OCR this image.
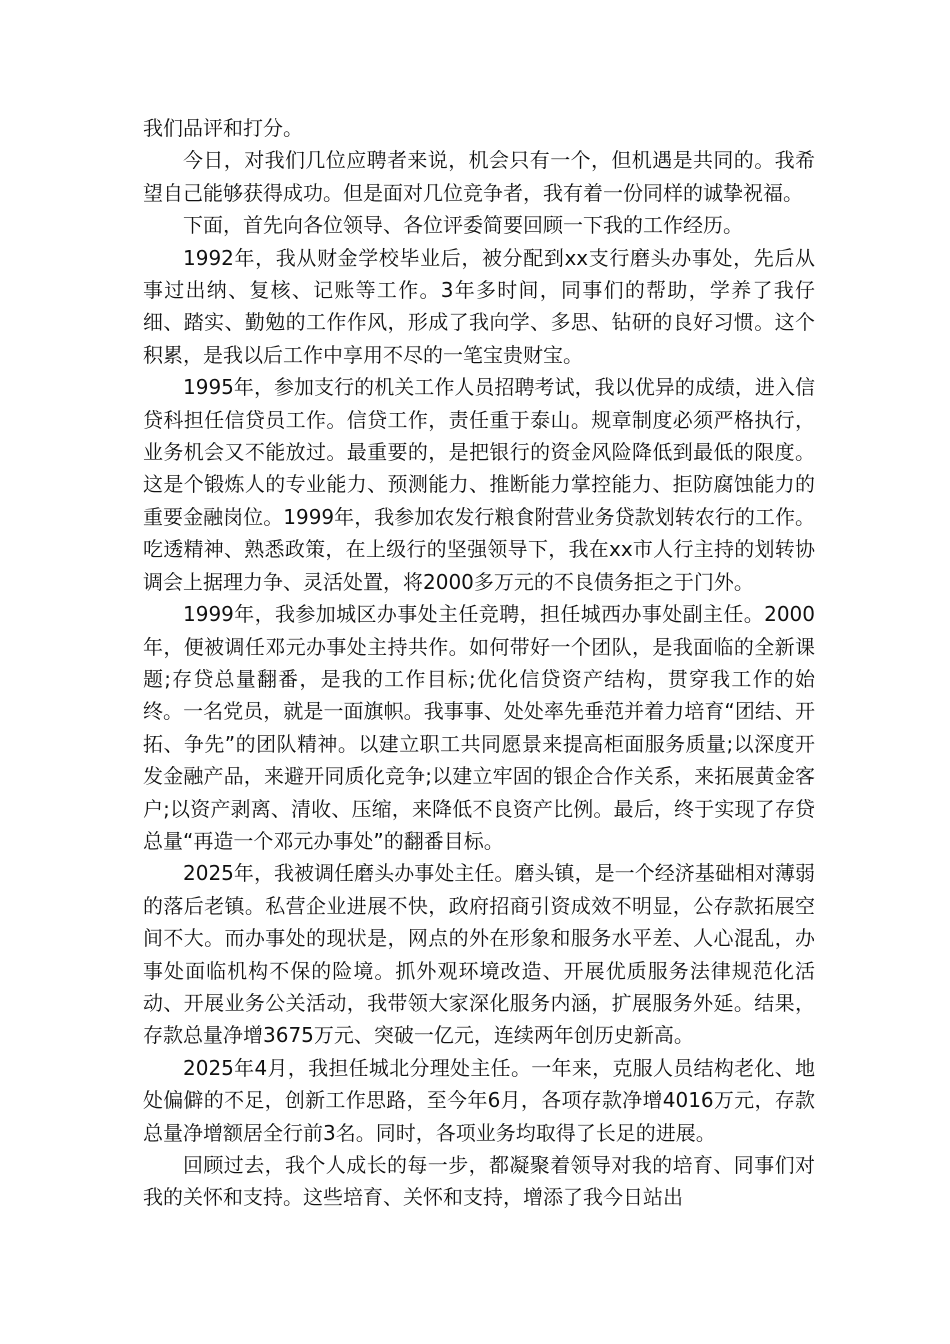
我们品评和打分。

今日，对我们几位应聘者来说，机会只有一个，但机遇是共同的。我希望自己能够获得成功。但是面对几位竞争者，我有着一份同样的诚挚祝福。

下面，首先向各位领导、各位评委简要回顾一下我的工作经历。

1992年，我从财金学校毕业后，被分配到xx支行磨头办事处，先后从事过出纳、复核、记账等工作。3年多时间，同事们的帮助，学养了我仔细、踏实、勤勉的工作作风，形成了我向学、多思、钻研的良好习惯。这个积累，是我以后工作中享用不尽的一笔宝贵财宝。

1995年，参加支行的机关工作人员招聘考试，我以优异的成绩，进入信贷科担任信贷员工作。信贷工作，责任重于泰山。规章制度必须严格执行，业务机会又不能放过。最重要的，是把银行的资金风险降低到最低的限度。这是个锻炼人的专业能力、预测能力、推断能力掌控能力、拒防腐蚀能力的重要金融岗位。1999年，我参加农发行粮食附营业务贷款划转农行的工作。吃透精神、熟悉政策，在上级行的坚强领导下，我在xx市人行主持的划转协调会上据理力争、灵活处置，将2000多万元的不良债务拒之于门外。

1999年，我参加城区办事处主任竞聘，担任城西办事处副主任。2000年，便被调任邓元办事处主持共作。如何带好一个团队，是我面临的全新课题;存贷总量翻番，是我的工作目标;优化信贷资产结构，贯穿我工作的始终。一名党员，就是一面旗帜。我事事、处处率先垂范并着力培育“团结、开拓、争先”的团队精神。以建立职工共同愿景来提高柜面服务质量;以深度开发金融产品，来避开同质化竞争;以建立牢固的银企合作关系，来拓展黄金客户;以资产剥离、清收、压缩，来降低不良资产比例。最后，终于实现了存贷总量“再造一个邓元办事处”的翻番目标。

2025年，我被调任磨头办事处主任。磨头镇，是一个经济基础相对薄弱的落后老镇。私营企业进展不快，政府招商引资成效不明显，公存款拓展空间不大。而办事处的现状是，网点的外在形象和服务水平差、人心混乱，办事处面临机构不保的险境。抓外观环境改造、开展优质服务法律规范化活动、开展业务公关活动，我带领大家深化服务内涵，扩展服务外延。结果，存款总量净增3675万元、突破一亿元，连续两年创历史新高。

2025年4月，我担任城北分理处主任。一年来，克服人员结构老化、地处偏僻的不足，创新工作思路，至今年6月，各项存款净增4016万元，存款总量净增额居全行前3名。同时，各项业务均取得了长足的进展。

回顾过去，我个人成长的每一步，都凝聚着领导对我的培育、同事们对我的关怀和支持。这些培育、关怀和支持，增添了我今日站出
